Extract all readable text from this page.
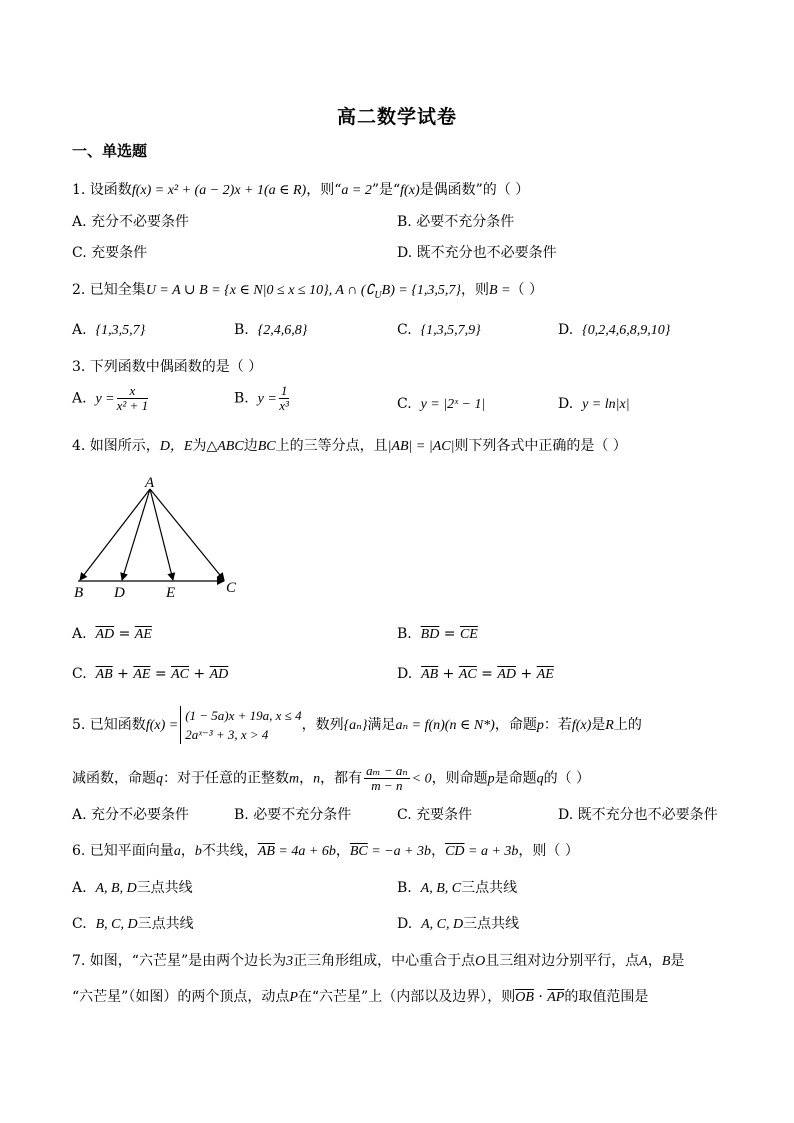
高二数学试卷
一、单选题
1. 设函数f(x) = x² + (a − 2)x + 1(a ∈ R)，则“a = 2”是“f(x)是偶函数”的（ ）
A. 充分不必要条件	B. 必要不充分条件
C. 充要条件	D. 既不充分也不必要条件
2. 已知全集U = A ∪ B = {x ∈ N|0 ≤ x ≤ 10}, A ∩ $(∁_UB) = \{1,3,5,7\}$，则B =（ ）
A. {1,3,5,7}	B. {2,4,6,8}	C. {1,3,5,7,9}	D. {0,2,4,6,8,9,10}
3. 下列函数中偶函数的是（ ）
A. $y = \frac{x}{\text{x² + 1}}$	B. $y = \frac{1}{\text{x³}}$	C. y = |2ˣ − 1|	D. y = ln|x|
4. 如图所示，D，E为△ABC边BC上的三等分点，且|AB| = |AC|则下列各式中正确的是（ ）
A
B D	E	C
A. $\overline{AD} = \overline{AE}$	B. $\overline{BD} = \overline{CE}$
C. $\overline{AB} + \overline{AE} = \overline{AC} + \overline{AD}$	D. $\overline{AB} + \overline{AC} = \overline{AD} + \overline{AE}$
5. 已知函数f(x) =
(1 − 5a)x + 19a, x ≤ 4
2aˣ⁻³ + 3, x > 4
，数列{aₙ}满足aₙ = f(n)(n ∈ N*)，命题p：若f(x)是R上的
减函数，命题q：对于任意的正整数m，n，都有 $\frac{\text{aₘ − aₙ}}{m - n} < 0$，则命题p是命题q的（ ）
A. 充分不必要条件	B. 必要不充分条件	C. 充要条件	D. 既不充分也不必要条件
6. 已知平面向量a，b不共线，$\overline{AB} = 4a + 6b$，$\overline{BC} = -a + 3b$，$\overline{CD} = a + 3b$，则（ ）
A. A, B, D三点共线	B. A, B, C三点共线
C. B, C, D三点共线	D. A, C, D三点共线
7. 如图，“六芒星”是由两个边长为3正三角形组成，中心重合于点O且三组对边分别平行，点A，B是
“六芒星”（如图）的两个顶点，动点P在“六芒星”上（内部以及边界），则$\overline{OB} \cdot \overline{AP}$的取值范围是
